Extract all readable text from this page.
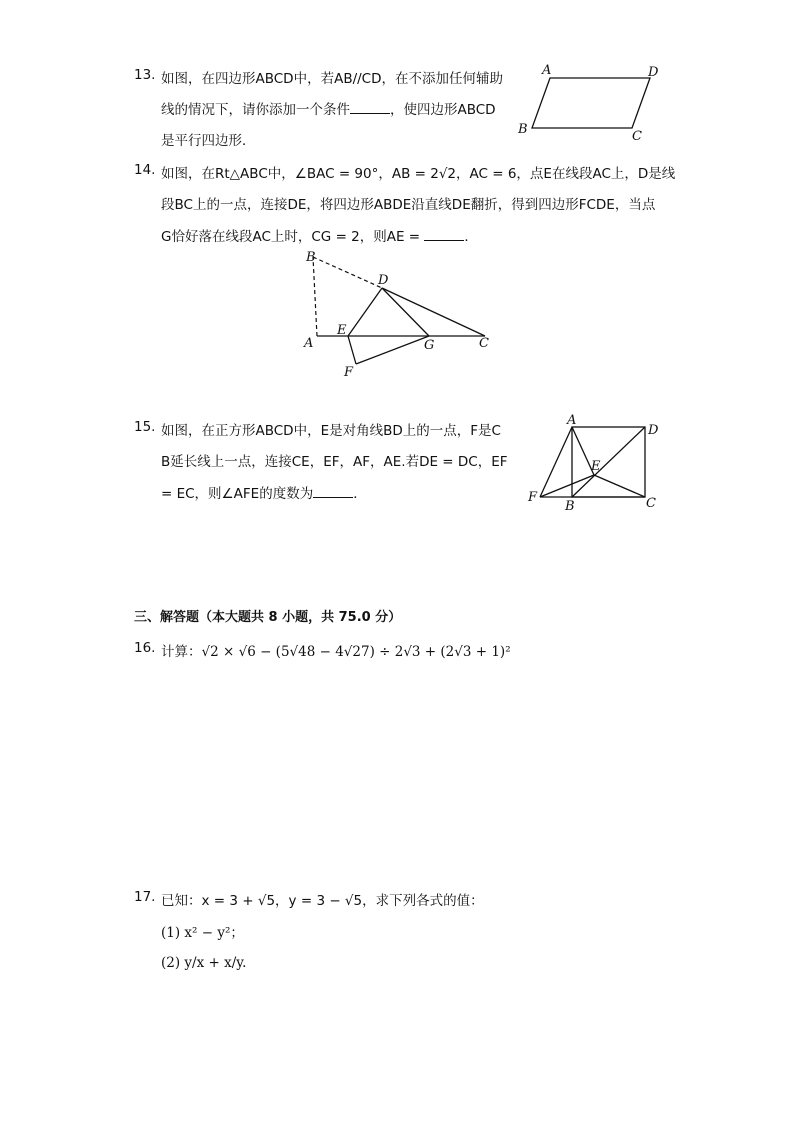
13. 如图，在四边形ABCD中，若AB//CD，在不添加任何辅助
线的情况下，请你添加一个条件	，使四边形ABCD
是平行四边形．
A	D
B	C
14. 如图，在Rt△ABC中，∠BAC = 90°，AB = 2√2，AC = 6，点E在线段AC上，D是线
段BC上的一点，连接DE，将四边形ABDE沿直线DE翻折，得到四边形FCDE，当点
G恰好落在线段AC上时，CG = 2，则AE =	．
B
D
E
A	G	C
F
15. 如图，在正方形ABCD中，E是对角线BD上的一点，F是C
B延长线上一点，连接CE，EF，AF，AE.若DE = DC，EF
= EC，则∠AFE的度数为	．
A
D
E
F
B	C
三、解答题（本大题共 8 小题，共 75.0 分）
16. 计算：√2 × √6 − (5√48 − 4√27) ÷ 2√3 + (2√3 + 1)²
17. 已知：x = 3 + √5，y = 3 − √5，求下列各式的值：
(1) x² − y²；
(2) y/x + x/y.
